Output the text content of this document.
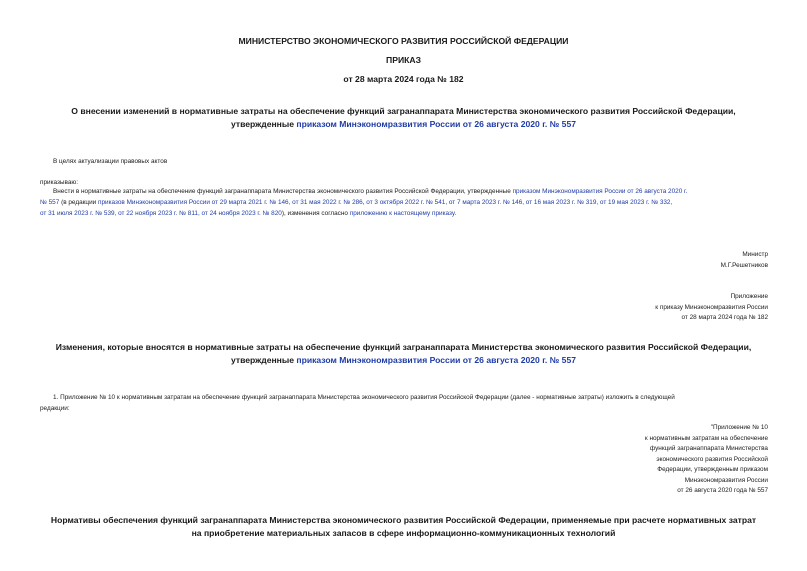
МИНИСТЕРСТВО ЭКОНОМИЧЕСКОГО РАЗВИТИЯ РОССИЙСКОЙ ФЕДЕРАЦИИ
ПРИКАЗ
от 28 марта 2024 года № 182
О внесении изменений в нормативные затраты на обеспечение функций загранаппарата Министерства экономического развития Российской Федерации,
утвержденные приказом Минэкономразвития России от 26 августа 2020 г. № 557
В целях актуализации правовых актов
приказываю:
Внести в нормативные затраты на обеспечение функций загранаппарата Министерства экономического развития Российской Федерации, утвержденные приказом Минэкономразвития России от 26 августа 2020 г.
№ 557 (в редакции приказов Минэкономразвития России от 29 марта 2021 г. № 146, от 31 мая 2022 г. № 286, от 3 октября 2022 г. № 541, от 7 марта 2023 г. № 146, от 16 мая 2023 г. № 319, от 19 мая 2023 г. № 332,
от 31 июля 2023 г. № 539, от 22 ноября 2023 г. № 811, от 24 ноября 2023 г. № 820), изменения согласно приложению к настоящему приказу.
Министр
М.Г.Решетников
Приложение
к приказу Минэкономразвития России
от 28 марта 2024 года № 182
Изменения, которые вносятся в нормативные затраты на обеспечение функций загранаппарата Министерства экономического развития Российской Федерации,
утвержденные приказом Минэкономразвития России от 26 августа 2020 г. № 557
1. Приложение № 10 к нормативным затратам на обеспечение функций загранаппарата Министерства экономического развития Российской Федерации (далее - нормативные затраты) изложить в следующей
редакции:
"Приложение № 10
к нормативным затратам на обеспечение
функций загранаппарата Министерства
экономического развития Российской
Федерации, утвержденным приказом
Минэкономразвития России
от 26 августа 2020 года № 557
Нормативы обеспечения функций загранаппарата Министерства экономического развития Российской Федерации, применяемые при расчете нормативных затрат
на приобретение материальных запасов в сфере информационно-коммуникационных технологий
